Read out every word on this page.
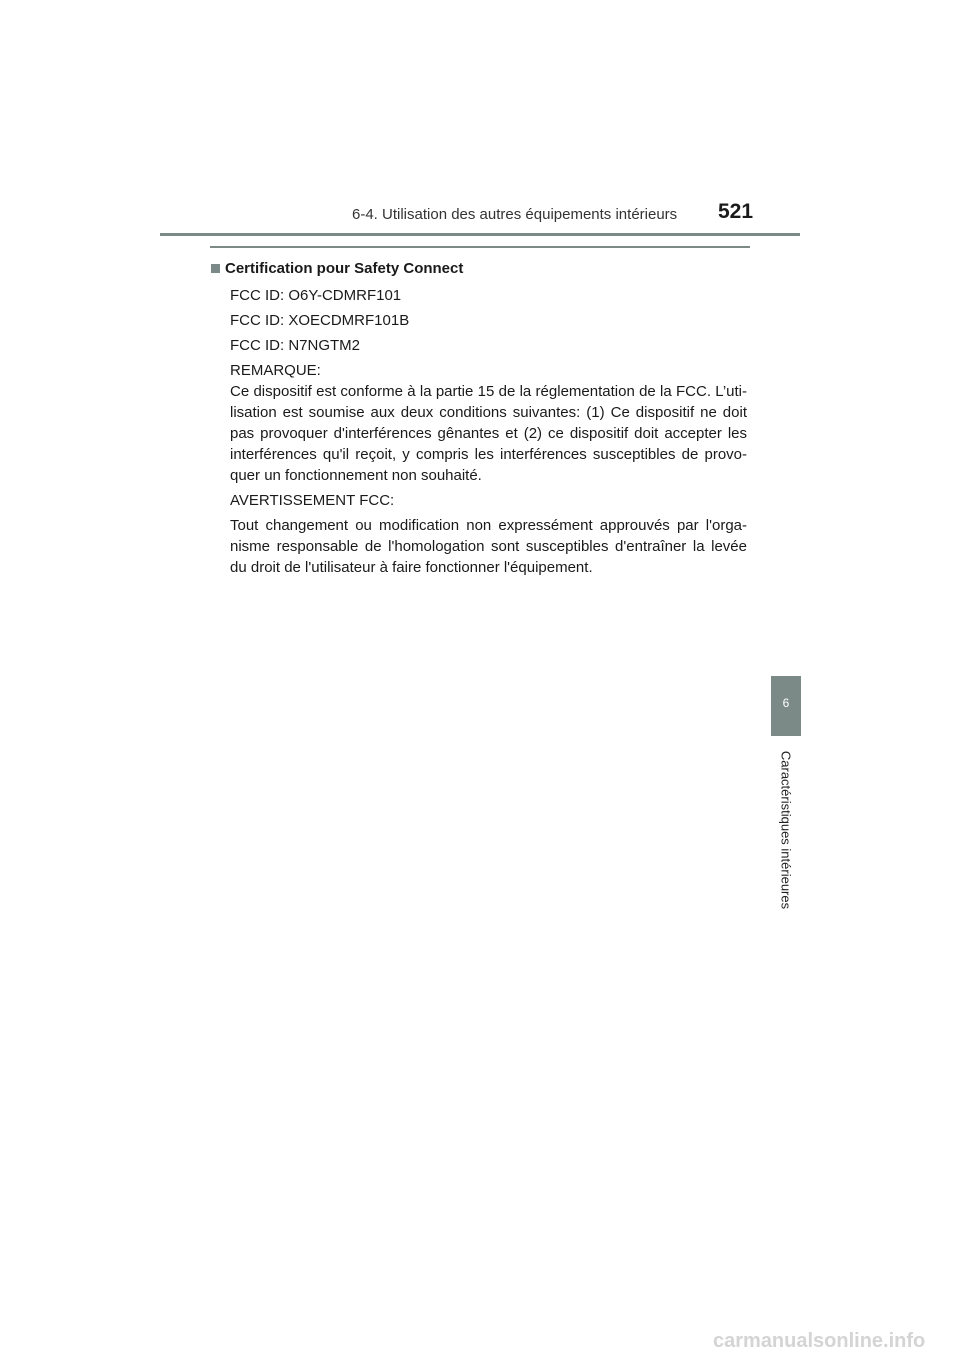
6-4. Utilisation des autres équipements intérieurs 521
Certification pour Safety Connect
FCC ID: O6Y-CDMRF101
FCC ID: XOECDMRF101B
FCC ID: N7NGTM2
REMARQUE:
Ce dispositif est conforme à la partie 15 de la réglementation de la FCC. L’uti-lisation est soumise aux deux conditions suivantes: (1) Ce dispositif ne doit pas provoquer d'interférences gênantes et (2) ce dispositif doit accepter les interférences qu'il reçoit, y compris les interférences susceptibles de provo-quer un fonctionnement non souhaité.
AVERTISSEMENT FCC:
Tout changement ou modification non expressément approuvés par l'orga-nisme responsable de l'homologation sont susceptibles d'entraîner la levée du droit de l'utilisateur à faire fonctionner l'équipement.
6
Caractéristiques intérieures
carmanualsonline.info
